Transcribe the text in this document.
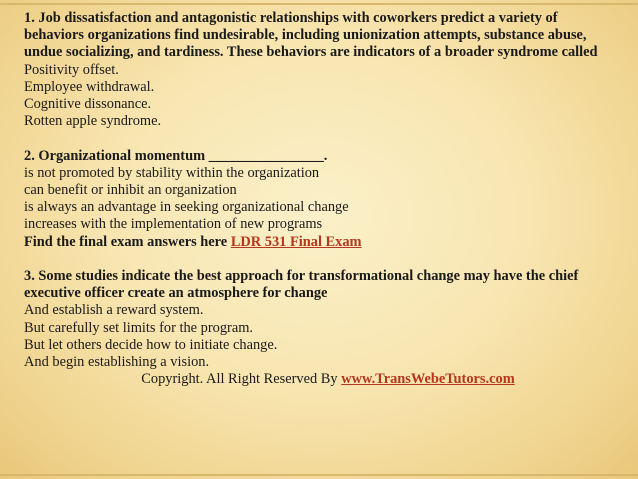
1. Job dissatisfaction and antagonistic relationships with coworkers predict a variety of behaviors organizations find undesirable, including unionization attempts, substance abuse, undue socializing, and tardiness. These behaviors are indicators of a broader syndrome called
Positivity offset.
Employee withdrawal.
Cognitive dissonance.
Rotten apple syndrome.
2. Organizational momentum ________________.
is not promoted by stability within the organization
can benefit or inhibit an organization
is always an advantage in seeking organizational change
increases with the implementation of new programs
Find the final exam answers here LDR 531 Final Exam
3. Some studies indicate the best approach for transformational change may have the chief executive officer create an atmosphere for change
And establish a reward system.
But carefully set limits for the program.
But let others decide how to initiate change.
And begin establishing a vision.
Copyright. All Right Reserved By www.TransWebeTutors.com
